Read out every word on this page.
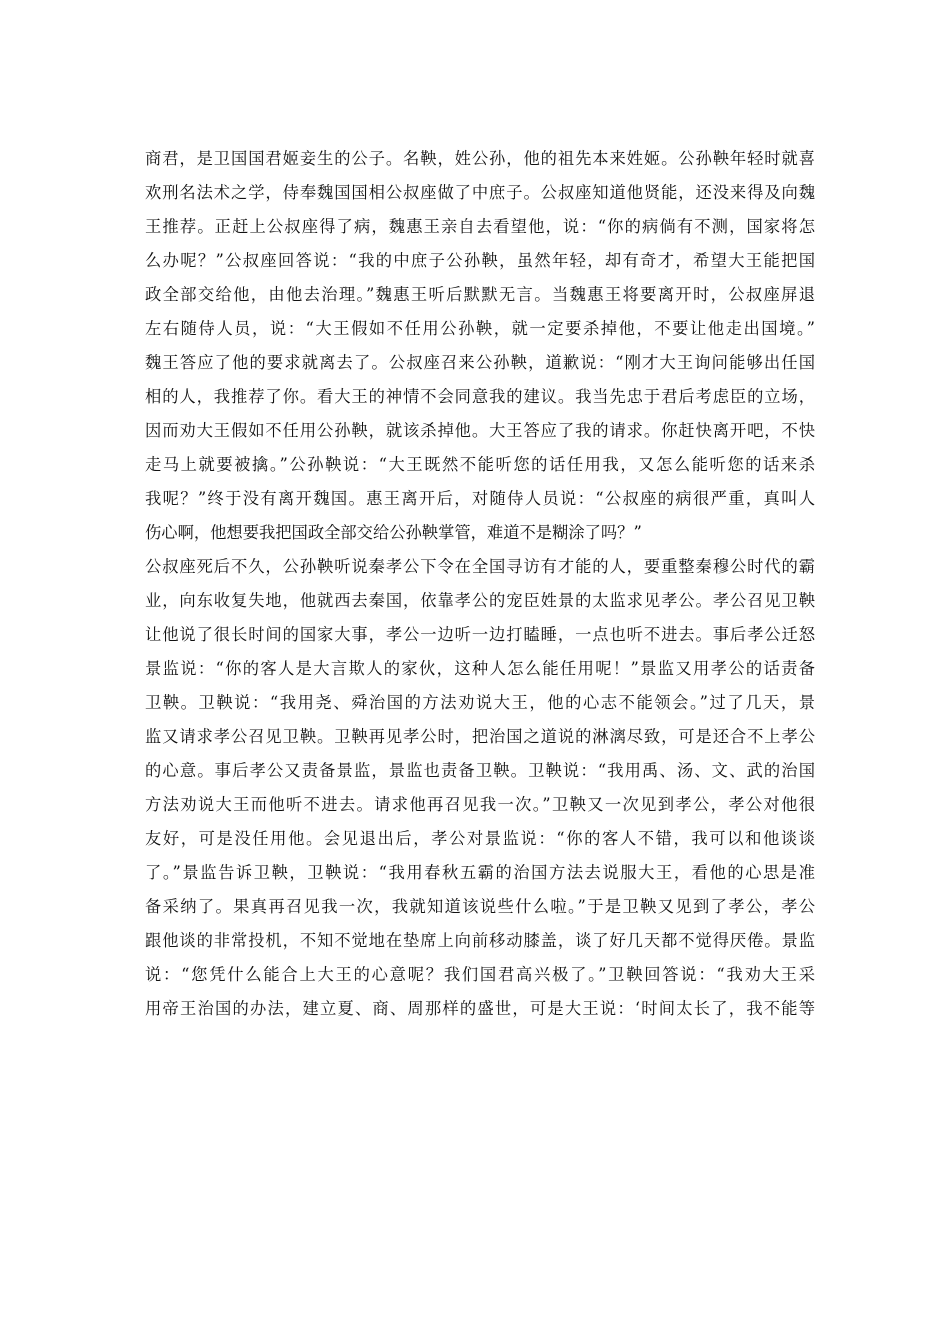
商君，是卫国国君姬妾生的公子。名鞅，姓公孙，他的祖先本来姓姬。公孙鞅年轻时就喜
欢刑名法术之学，侍奉魏国国相公叔座做了中庶子。公叔座知道他贤能，还没来得及向魏
王推荐。正赶上公叔座得了病，魏惠王亲自去看望他，说：“你的病倘有不测，国家将怎
么办呢？”公叔座回答说：“我的中庶子公孙鞅，虽然年轻，却有奇才，希望大王能把国
政全部交给他，由他去治理。”魏惠王听后默默无言。当魏惠王将要离开时，公叔座屏退
左右随侍人员，说：“大王假如不任用公孙鞅，就一定要杀掉他，不要让他走出国境。”
魏王答应了他的要求就离去了。公叔座召来公孙鞅，道歉说：“刚才大王询问能够出任国
相的人，我推荐了你。看大王的神情不会同意我的建议。我当先忠于君后考虑臣的立场，
因而劝大王假如不任用公孙鞅，就该杀掉他。大王答应了我的请求。你赶快离开吧，不快
走马上就要被擒。”公孙鞅说：“大王既然不能听您的话任用我，又怎么能听您的话来杀
我呢？”终于没有离开魏国。惠王离开后，对随侍人员说：“公叔座的病很严重，真叫人
伤心啊，他想要我把国政全部交给公孙鞅掌管，难道不是糊涂了吗？”
公叔座死后不久，公孙鞅听说秦孝公下令在全国寻访有才能的人，要重整秦穆公时代的霸
业，向东收复失地，他就西去秦国，依靠孝公的宠臣姓景的太监求见孝公。孝公召见卫鞅
让他说了很长时间的国家大事，孝公一边听一边打瞌睡，一点也听不进去。事后孝公迁怒
景监说：“你的客人是大言欺人的家伙，这种人怎么能任用呢！”景监又用孝公的话责备
卫鞅。卫鞅说：“我用尧、舜治国的方法劝说大王，他的心志不能领会。”过了几天，景
监又请求孝公召见卫鞅。卫鞅再见孝公时，把治国之道说的淋漓尽致，可是还合不上孝公
的心意。事后孝公又责备景监，景监也责备卫鞅。卫鞅说：“我用禹、汤、文、武的治国
方法劝说大王而他听不进去。请求他再召见我一次。”卫鞅又一次见到孝公，孝公对他很
友好，可是没任用他。会见退出后，孝公对景监说：“你的客人不错，我可以和他谈谈
了。”景监告诉卫鞅，卫鞅说：“我用春秋五霸的治国方法去说服大王，看他的心思是准
备采纳了。果真再召见我一次，我就知道该说些什么啦。”于是卫鞅又见到了孝公，孝公
跟他谈的非常投机，不知不觉地在垫席上向前移动膝盖，谈了好几天都不觉得厌倦。景监
说：“您凭什么能合上大王的心意呢？我们国君高兴极了。”卫鞅回答说：“我劝大王采
用帝王治国的办法，建立夏、商、周那样的盛世，可是大王说：‘时间太长了，我不能等
